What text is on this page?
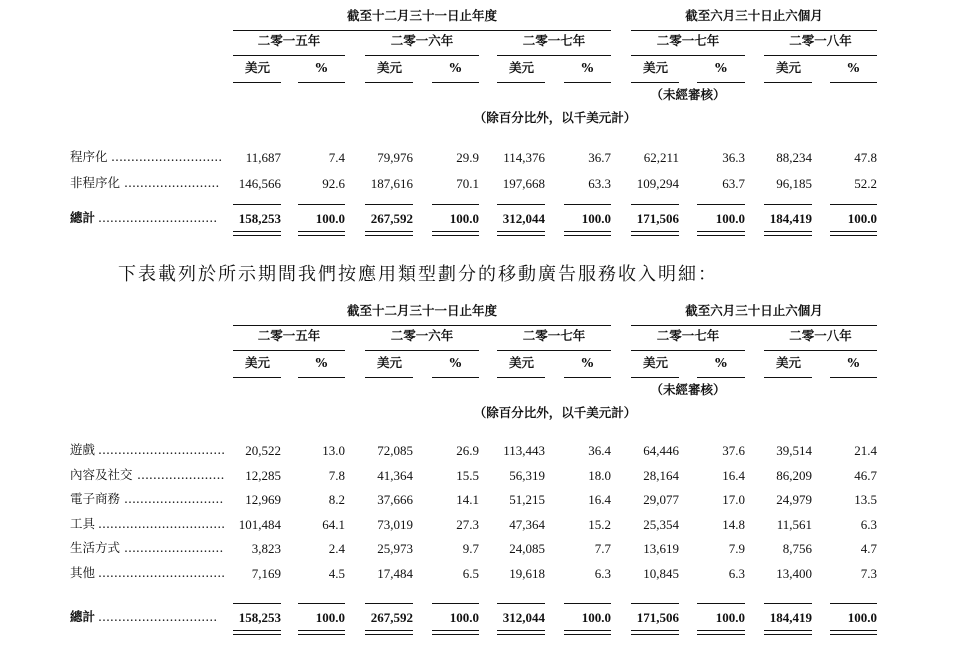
截至十二月三十一日止年度	截至六月三十日止六個月
二零一五年	二零一六年	二零一七年	二零一七年	二零一八年
美元	%	美元	%	美元	%	美元	%	美元	%
（未經審核）
（除百分比外，以千美元計）
程序化 ............................	11,687	7.4	79,976	29.9	114,376	36.7	62,211	36.3	88,234	47.8
非程序化 ........................	146,566	92.6	187,616	70.1	197,668	63.3	109,294	63.7	96,185	52.2
總計 ..............................	158,253	100.0	267,592	100.0	312,044	100.0	171,506	100.0	184,419	100.0
下表載列於所示期間我們按應用類型劃分的移動廣告服務收入明細：
截至十二月三十一日止年度	截至六月三十日止六個月
二零一五年	二零一六年	二零一七年	二零一七年	二零一八年
美元	%	美元	%	美元	%	美元	%	美元	%
（未經審核）
（除百分比外，以千美元計）
遊戲 ................................	20,522	13.0	72,085	26.9	113,443	36.4	64,446	37.6	39,514	21.4
內容及社交 ......................	12,285	7.8	41,364	15.5	56,319	18.0	28,164	16.4	86,209	46.7
電子商務 .........................	12,969	8.2	37,666	14.1	51,215	16.4	29,077	17.0	24,979	13.5
工具 ................................	101,484	64.1	73,019	27.3	47,364	15.2	25,354	14.8	11,561	6.3
生活方式 .........................	3,823	2.4	25,973	9.7	24,085	7.7	13,619	7.9	8,756	4.7
其他 ................................	7,169	4.5	17,484	6.5	19,618	6.3	10,845	6.3	13,400	7.3
總計 ..............................	158,253	100.0	267,592	100.0	312,044	100.0	171,506	100.0	184,419	100.0
